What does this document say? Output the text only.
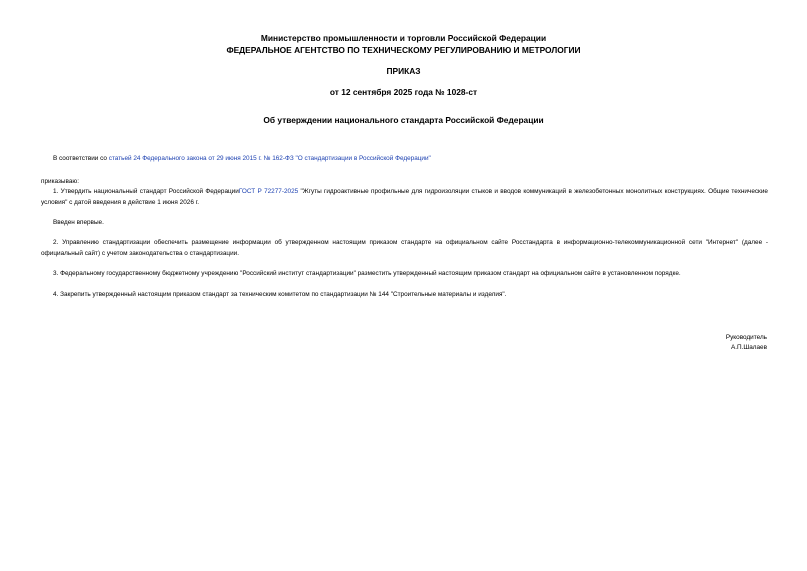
Министерство промышленности и торговли Российской Федерации
ФЕДЕРАЛЬНОЕ АГЕНТСТВО ПО ТЕХНИЧЕСКОМУ РЕГУЛИРОВАНИЮ И МЕТРОЛОГИИ
ПРИКАЗ
от 12 сентября 2025 года № 1028-ст
Об утверждении национального стандарта Российской Федерации
В соответствии со статьей 24 Федерального закона от 29 июня 2015 г. № 162-ФЗ "О стандартизации в Российской Федерации"
приказываю:
1. Утвердить национальный стандарт Российской ФедерацииГОСТ Р 72277-2025 "Жгуты гидроактивные профильные для гидроизоляции стыков и вводов коммуникаций в железобетонных монолитных конструкциях. Общие технические условия" с датой введения в действие 1 июня 2026 г.
Введен впервые.
2. Управлению стандартизации обеспечить размещение информации об утвержденном настоящим приказом стандарте на официальном сайте Росстандарта в информационно-телекоммуникационной сети "Интернет" (далее - официальный сайт) с учетом законодательства о стандартизации.
3. Федеральному государственному бюджетному учреждению "Российский институт стандартизации" разместить утвержденный настоящим приказом стандарт на официальном сайте в установленном порядке.
4. Закрепить утвержденный настоящим приказом стандарт за техническим комитетом по стандартизации № 144 "Строительные материалы и изделия".
Руководитель
А.П.Шалаев
